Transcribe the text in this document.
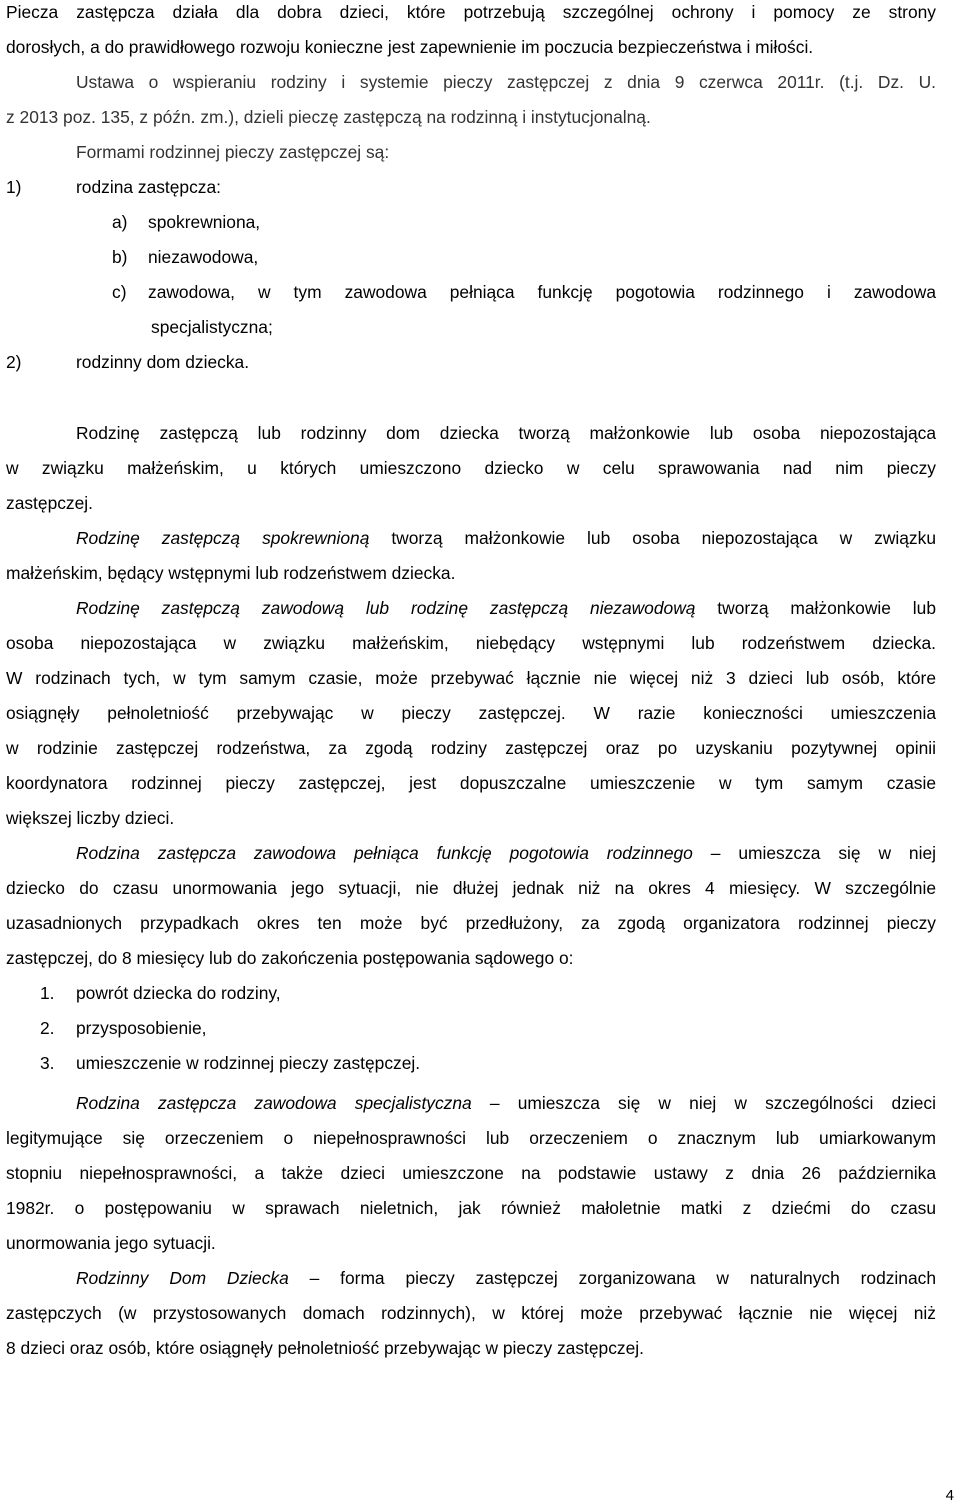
Piecza zastępcza działa dla dobra dzieci, które potrzebują szczególnej ochrony i pomocy ze strony
dorosłych, a do prawidłowego rozwoju konieczne jest zapewnienie im poczucia bezpieczeństwa i miłości.
Ustawa o wspieraniu rodziny i systemie pieczy zastępczej z dnia 9 czerwca 2011r. (t.j. Dz. U.
z 2013 poz. 135, z późn. zm.), dzieli pieczę zastępczą na rodzinną i instytucjonalną.
Formami rodzinnej pieczy zastępczej są:
1)	rodzina zastępcza:
a) spokrewniona,
b) niezawodowa,
c) zawodowa, w tym zawodowa pełniąca funkcję pogotowia rodzinnego i zawodowa
specjalistyczna;
2)	rodzinny dom dziecka.
Rodzinę zastępczą lub rodzinny dom dziecka tworzą małżonkowie lub osoba niepozostająca
w związku małżeńskim, u których umieszczono dziecko w celu sprawowania nad nim pieczy
zastępczej.
Rodzinę zastępczą spokrewnioną tworzą małżonkowie lub osoba niepozostająca w związku
małżeńskim, będący wstępnymi lub rodzeństwem dziecka.
Rodzinę zastępczą zawodową lub rodzinę zastępczą niezawodową tworzą małżonkowie lub
osoba niepozostająca w związku małżeńskim, niebędący wstępnymi lub rodzeństwem dziecka.
W rodzinach tych, w tym samym czasie, może przebywać łącznie nie więcej niż 3 dzieci lub osób, które
osiągnęły pełnoletniość przebywając w pieczy zastępczej. W razie konieczności umieszczenia
w rodzinie zastępczej rodzeństwa, za zgodą rodziny zastępczej oraz po uzyskaniu pozytywnej opinii
koordynatora rodzinnej pieczy zastępczej, jest dopuszczalne umieszczenie w tym samym czasie
większej liczby dzieci.
Rodzina zastępcza zawodowa pełniąca funkcję pogotowia rodzinnego – umieszcza się w niej
dziecko do czasu unormowania jego sytuacji, nie dłużej jednak niż na okres 4 miesięcy. W szczególnie
uzasadnionych przypadkach okres ten może być przedłużony, za zgodą organizatora rodzinnej pieczy
zastępczej, do 8 miesięcy lub do zakończenia postępowania sądowego o:
1. powrót dziecka do rodziny,
2. przysposobienie,
3. umieszczenie w rodzinnej pieczy zastępczej.
Rodzina zastępcza zawodowa specjalistyczna – umieszcza się w niej w szczególności dzieci
legitymujące się orzeczeniem o niepełnosprawności lub orzeczeniem o znacznym lub umiarkowanym
stopniu niepełnosprawności, a także dzieci umieszczone na podstawie ustawy z dnia 26 października
1982r. o postępowaniu w sprawach nieletnich, jak również małoletnie matki z dziećmi do czasu
unormowania jego sytuacji.
Rodzinny Dom Dziecka – forma pieczy zastępczej zorganizowana w naturalnych rodzinach
zastępczych (w przystosowanych domach rodzinnych), w której może przebywać łącznie nie więcej niż
8 dzieci oraz osób, które osiągnęły pełnoletniość przebywając w pieczy zastępczej.
4
